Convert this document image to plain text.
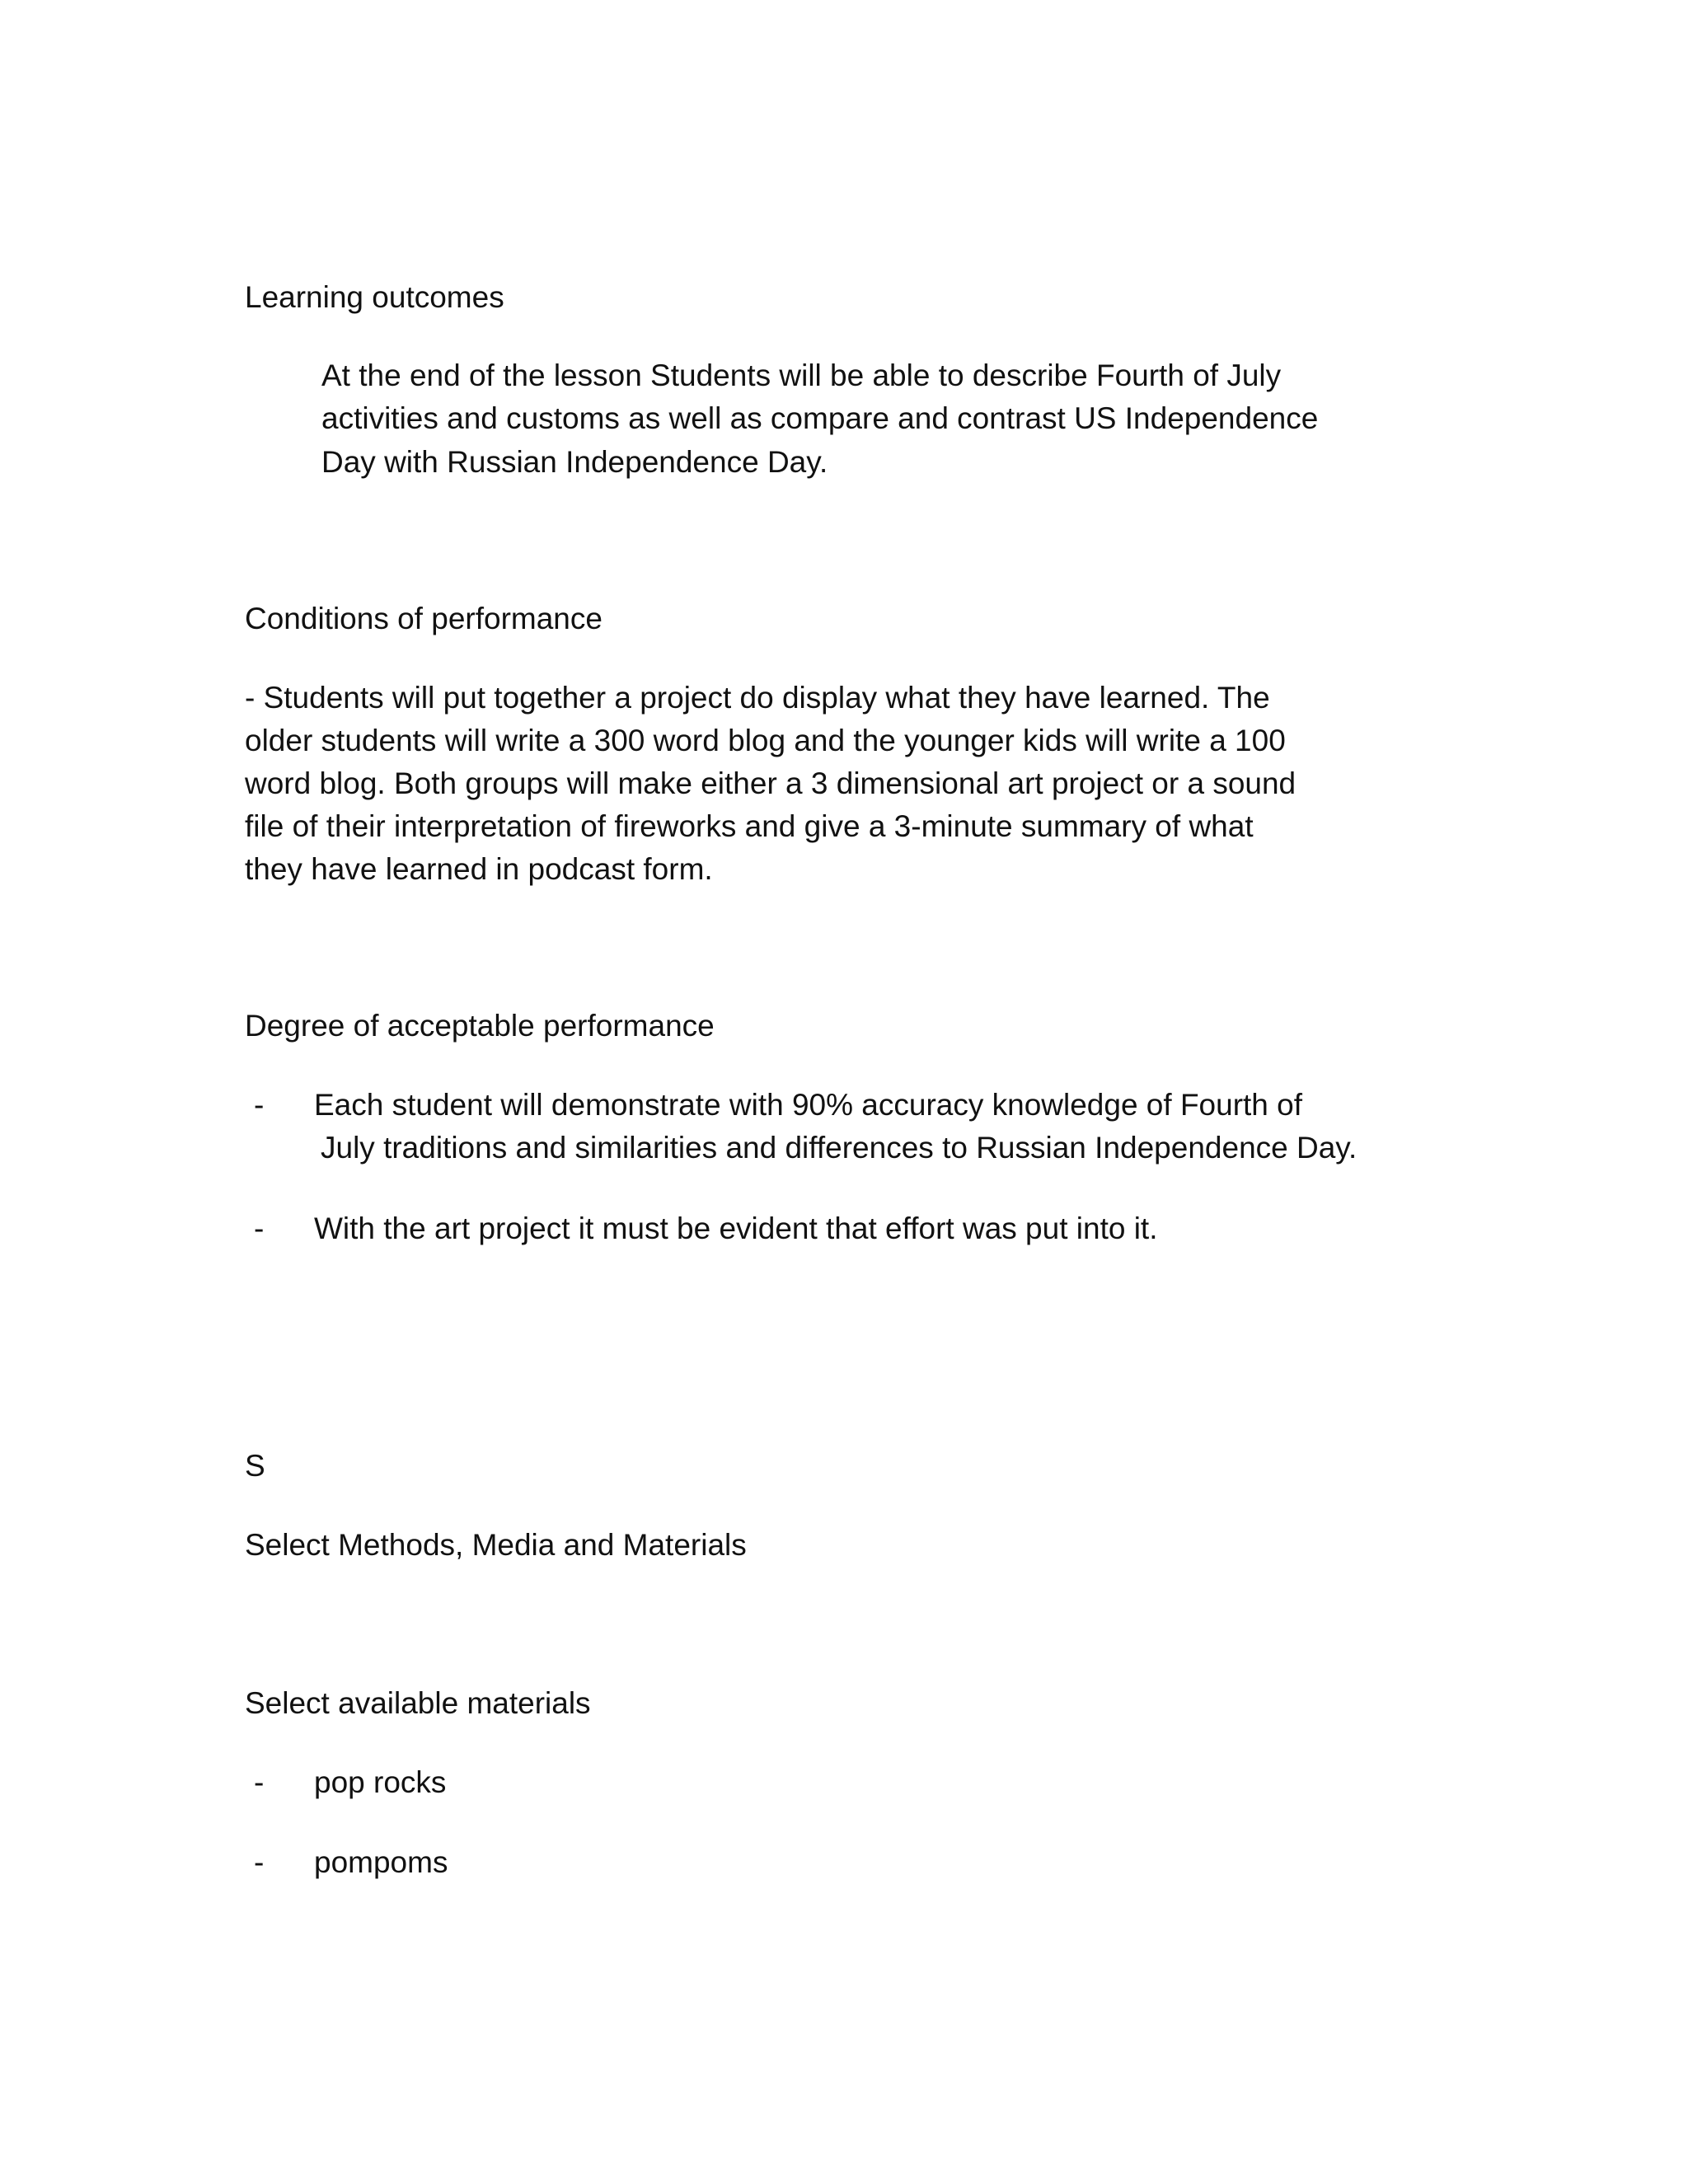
Learning outcomes

At the end of the lesson Students will be able to describe Fourth of July

activities and customs as well as compare and contrast US Independence

Day with Russian Independence Day.

Conditions of performance

- Students will put together a project do display what they have learned. The

older students will write a 300 word blog and the younger kids will write a 100

word blog. Both groups will make either a 3 dimensional art project or a sound

file of their interpretation of fireworks and give a 3-minute summary of what

they have learned in podcast form.

Degree of acceptable performance

- Each student will demonstrate with 90% accuracy knowledge of Fourth of

July traditions and similarities and differences to Russian Independence Day.

- With the art project it must be evident that effort was put into it.

S

Select Methods, Media and Materials

Select available materials

- pop rocks

- pompoms
